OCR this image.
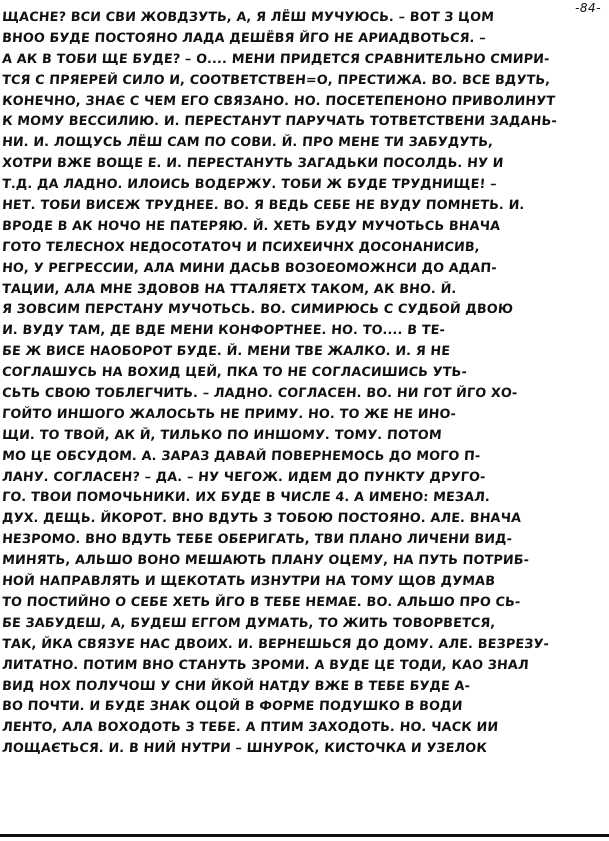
-84-
ЩАСНЕ? ВСИ СВИ ЖОВДЗУТЬ, А, Я ЛЁШ МУЧУЮСЬ. – ВОТ З ЦОМ
ВНОО БУДЕ ПОСТОЯНО ЛАДА ДЕШЁВЯ ЙГО НЕ АРИАДВОТЬСЯ. –
А АК В ТОБИ ЩЕ БУДЕ? – О.... МЕНИ ПРИДЕТСЯ СРАВНИТЕЛЬНО СМИРИ-
ТСЯ С ПРЯЕРЕЙ СИЛО И, СООТВЕТСТВЕН=О, ПРЕСТИЖА. ВО. ВСЕ ВДУТЬ,
КОНЕЧНО, ЗНАЄ С ЧЕМ ЕГО СВЯЗАНО. НО. ПОСЕТЕПЕНОНО ПРИВОЛИНУТ
К МОМУ ВЕССИЛИЮ. И. ПЕРЕСТАНУТ ПАРУЧАТЬ ТОТВЕТСТВЕНИ ЗАДАНЬ-
НИ. И. ЛОЩУСЬ ЛЁШ САМ ПО СОВИ. Й. ПРО МЕНЕ ТИ ЗАБУДУТЬ,
ХОТРИ ВЖЕ ВОЩЕ Е. И. ПЕРЕСТАНУТЬ ЗАГАДЬКИ ПОСОЛДЬ. НУ И
Т.Д. ДА ЛАДНО. ИЛОИСЬ ВОДЕРЖУ. ТОБИ Ж БУДЕ ТРУДНИЩЕ! –
НЕТ. ТОБИ ВИСЕЖ ТРУДНЕЕ. ВО. Я ВЕДЬ СЕБЕ НЕ ВУДУ ПОМНЕТЬ. И.
ВРОДЕ В АК НОЧО НЕ ПАТЕРЯЮ. Й. ХЕТЬ БУДУ МУЧОТЬСЬ ВНАЧА
ГОТО ТЕЛЕСНОХ НЕДОСОТАТОЧ И ПСИХЕИЧНХ ДОСОНАНИСИВ,
НО, У РЕГРЕССИИ, АЛА МИНИ ДАСЬВ ВОЗОЕОМОЖНСИ ДО АДАП-
ТАЦИИ, АЛА МНЕ ЗДОВОВ НА ТТАЛЯЕТХ ТАКОМ, АК ВНО. Й.
Я ЗОВСИМ ПЕРСТАНУ МУЧОТЬСЬ. ВО. СИМИРЮСЬ С СУДБОЙ ДВОЮ
И. ВУДУ ТАМ, ДЕ ВДЕ МЕНИ КОНФОРТНЕЕ. НО. ТО.... В ТЕ-
БЕ Ж ВИСЕ НАОБОРОТ БУДЕ. Й. МЕНИ ТВЕ ЖАЛКО. И. Я НЕ
СОГЛАШУСЬ НА ВОХИД ЦЕЙ, ПКА ТО НЕ СОГЛАСИШИСЬ УТЬ-
СЬТЬ СВОЮ ТОБЛЕГЧИТЬ. – ЛАДНО. СОГЛАСЕН. ВО. НИ ГОТ ЙГО ХО-
ГОЙТО ИНШОГО ЖАЛОСЬТЬ НЕ ПРИМУ. НО. ТО ЖЕ НЕ ИНО-
ЩИ. ТО ТВОЙ, АК Й, ТИЛЬКО ПО ИНШОМУ. ТОМУ. ПОТОМ
МО ЦЕ ОБСУДОМ. А. ЗАРАЗ ДАВАЙ ПОВЕРНЕМОСЬ ДО МОГО П-
ЛАНУ. СОГЛАСЕН? – ДА. – НУ ЧЕГОЖ. ИДЕМ ДО ПУНКТУ ДРУГО-
ГО. ТВОИ ПОМОЧЬНИКИ. ИХ БУДЕ В ЧИСЛЕ 4. А ИМЕНО: МЕЗАЛ.
ДУХ. ДЕЩЬ. ЙКОРОТ. ВНО ВДУТЬ З ТОБОЮ ПОСТОЯНО. АЛЕ. ВНАЧА
НЕЗРОМО. ВНО ВДУТЬ ТЕБЕ ОБЕРИГАТЬ, ТВИ ПЛАНО ЛИЧЕНИ ВИД-
МИНЯТЬ, АЛЬШО ВОНО МЕШАЮТЬ ПЛАНУ ОЦЕМУ, НА ПУТЬ ПОТРИБ-
НОЙ НАПРАВЛЯТЬ И ЩЕКОТАТЬ ИЗНУТРИ НА ТОМУ ЩОВ ДУМАВ
ТО ПОСТИЙНО О СЕБЕ ХЕТЬ ЙГО В ТЕБЕ НЕМАЕ. ВО. АЛЬШО ПРО СЬ-
БЕ ЗАБУДЕШ, А, БУДЕШ ЕГГОМ ДУМАТЬ, ТО ЖИТЬ ТОВОРВЕТСЯ,
ТАК, ЙКА СВЯЗУЕ НАС ДВОИХ. И. ВЕРНЕШЬСЯ ДО ДОМУ. АЛЕ. ВЕЗРЕЗУ-
ЛИТАТНО. ПОТИМ ВНО СТАНУТЬ ЗРОМИ. А ВУДЕ ЦЕ ТОДИ, КАО ЗНАЛ
ВИД НОХ ПОЛУЧОШ У СНИ ЙКОЙ НАТДУ ВЖЕ В ТЕБЕ БУДЕ А-
ВО ПОЧТИ. И БУДЕ ЗНАК ОЦОЙ В ФОРМЕ ПОДУШКО В ВОДИ
ЛЕНТО, АЛА ВОХОДОТЬ З ТЕБЕ. А ПТИМ ЗАХОДОТЬ. НО. ЧАСК ИИ
ЛОЩАЄТЬСЯ. И. В НИЙ НУТРИ – ШНУРОК, КИСТОЧКА И УЗЕЛОК
